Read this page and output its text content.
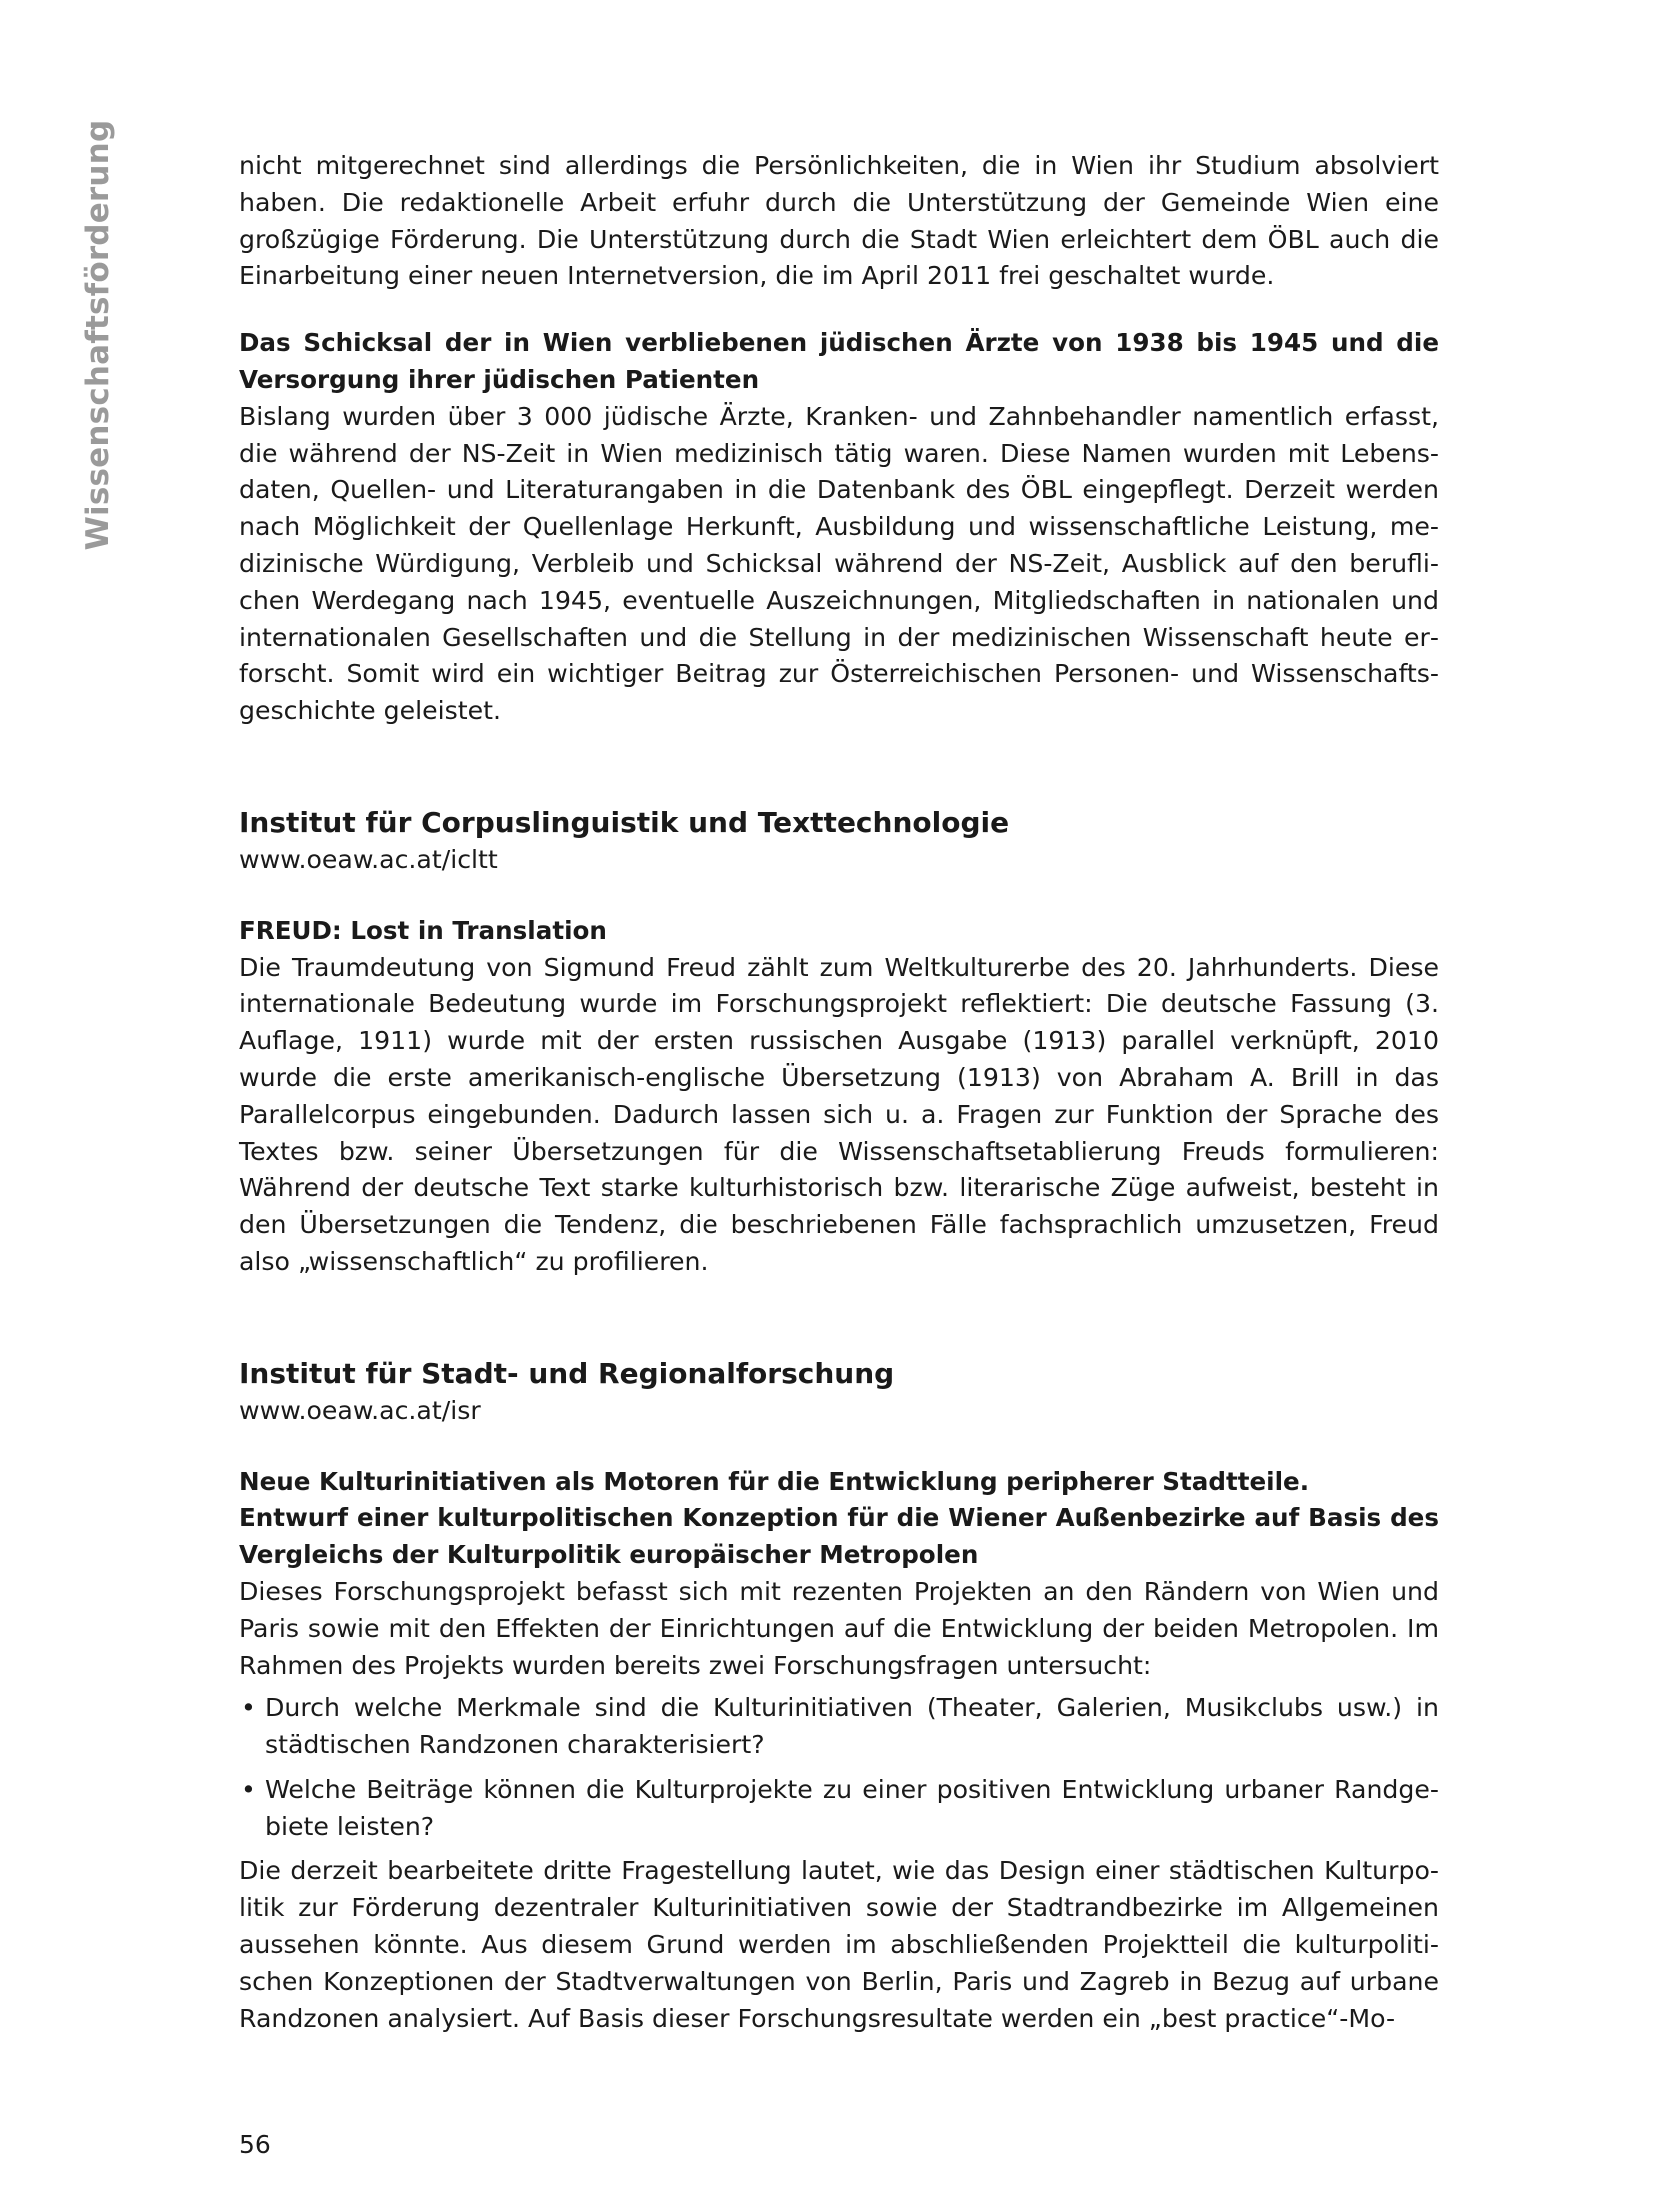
Wissenschaftsförderung	nicht mitgerechnet sind allerdings die Persönlichkeiten, die in Wien ihr Studium absolviert haben. Die redaktionelle Arbeit erfuhr durch die Unterstützung der Gemeinde Wien eine großzügige Förderung. Die Unterstützung durch die Stadt Wien erleichtert dem ÖBL auch die Einarbeitung einer neuen Internetversion, die im April 2011 frei geschaltet wurde.

Das Schicksal der in Wien verbliebenen jüdischen Ärzte von 1938 bis 1945 und die Versorgung ihrer jüdischen Patienten

Bislang wurden über 3 000 jüdische Ärzte, Kranken- und Zahnbehandler namentlich erfasst, die während der NS-Zeit in Wien medizinisch tätig waren. Diese Namen wurden mit Lebensdaten, Quellen- und Literaturangaben in die Datenbank des ÖBL eingepflegt. Derzeit werden nach Möglichkeit der Quellenlage Herkunft, Ausbildung und wissenschaftliche Leistung, medizinische Würdigung, Verbleib und Schicksal während der NS-Zeit, Ausblick auf den beruflichen Werdegang nach 1945, eventuelle Auszeichnungen, Mitgliedschaften in nationalen und internationalen Gesellschaften und die Stellung in der medizinischen Wissenschaft heute erforscht. Somit wird ein wichtiger Beitrag zur Österreichischen Personen- und Wissenschaftsgeschichte geleistet.

Institut für Corpuslinguistik und Texttechnologie

www.oeaw.ac.at/icltt

FREUD: Lost in Translation

Die Traumdeutung von Sigmund Freud zählt zum Weltkulturerbe des 20. Jahrhunderts. Diese internationale Bedeutung wurde im Forschungsprojekt reflektiert: Die deutsche Fassung (3. Auflage, 1911) wurde mit der ersten russischen Ausgabe (1913) parallel verknüpft, 2010 wurde die erste amerikanisch-englische Übersetzung (1913) von Abraham A. Brill in das Parallelcorpus eingebunden. Dadurch lassen sich u. a. Fragen zur Funktion der Sprache des Textes bzw. seiner Übersetzungen für die Wissenschaftsetablierung Freuds formulieren: Während der deutsche Text starke kulturhistorisch bzw. literarische Züge aufweist, besteht in den Übersetzungen die Tendenz, die beschriebenen Fälle fachsprachlich umzusetzen, Freud also „wissenschaftlich“ zu profilieren.

Institut für Stadt- und Regionalforschung

www.oeaw.ac.at/isr

Neue Kulturinitiativen als Motoren für die Entwicklung peripherer Stadtteile.

Entwurf einer kulturpolitischen Konzeption für die Wiener Außenbezirke auf Basis des Vergleichs der Kulturpolitik europäischer Metropolen

Dieses Forschungsprojekt befasst sich mit rezenten Projekten an den Rändern von Wien und Paris sowie mit den Effekten der Einrichtungen auf die Entwicklung der beiden Metropolen. Im Rahmen des Projekts wurden bereits zwei Forschungsfragen untersucht:

• Durch welche Merkmale sind die Kulturinitiativen (Theater, Galerien, Musikclubs usw.) in städtischen Randzonen charakterisiert?
• Welche Beiträge können die Kulturprojekte zu einer positiven Entwicklung urbaner Randgebiete leisten?

Die derzeit bearbeitete dritte Fragestellung lautet, wie das Design einer städtischen Kulturpolitik zur Förderung dezentraler Kulturinitiativen sowie der Stadtrandbezirke im Allgemeinen aussehen könnte. Aus diesem Grund werden im abschließenden Projektteil die kulturpolitischen Konzeptionen der Stadtverwaltungen von Berlin, Paris und Zagreb in Bezug auf urbane Randzonen analysiert. Auf Basis dieser Forschungsresultate werden ein „best practice“-Mo-

56
